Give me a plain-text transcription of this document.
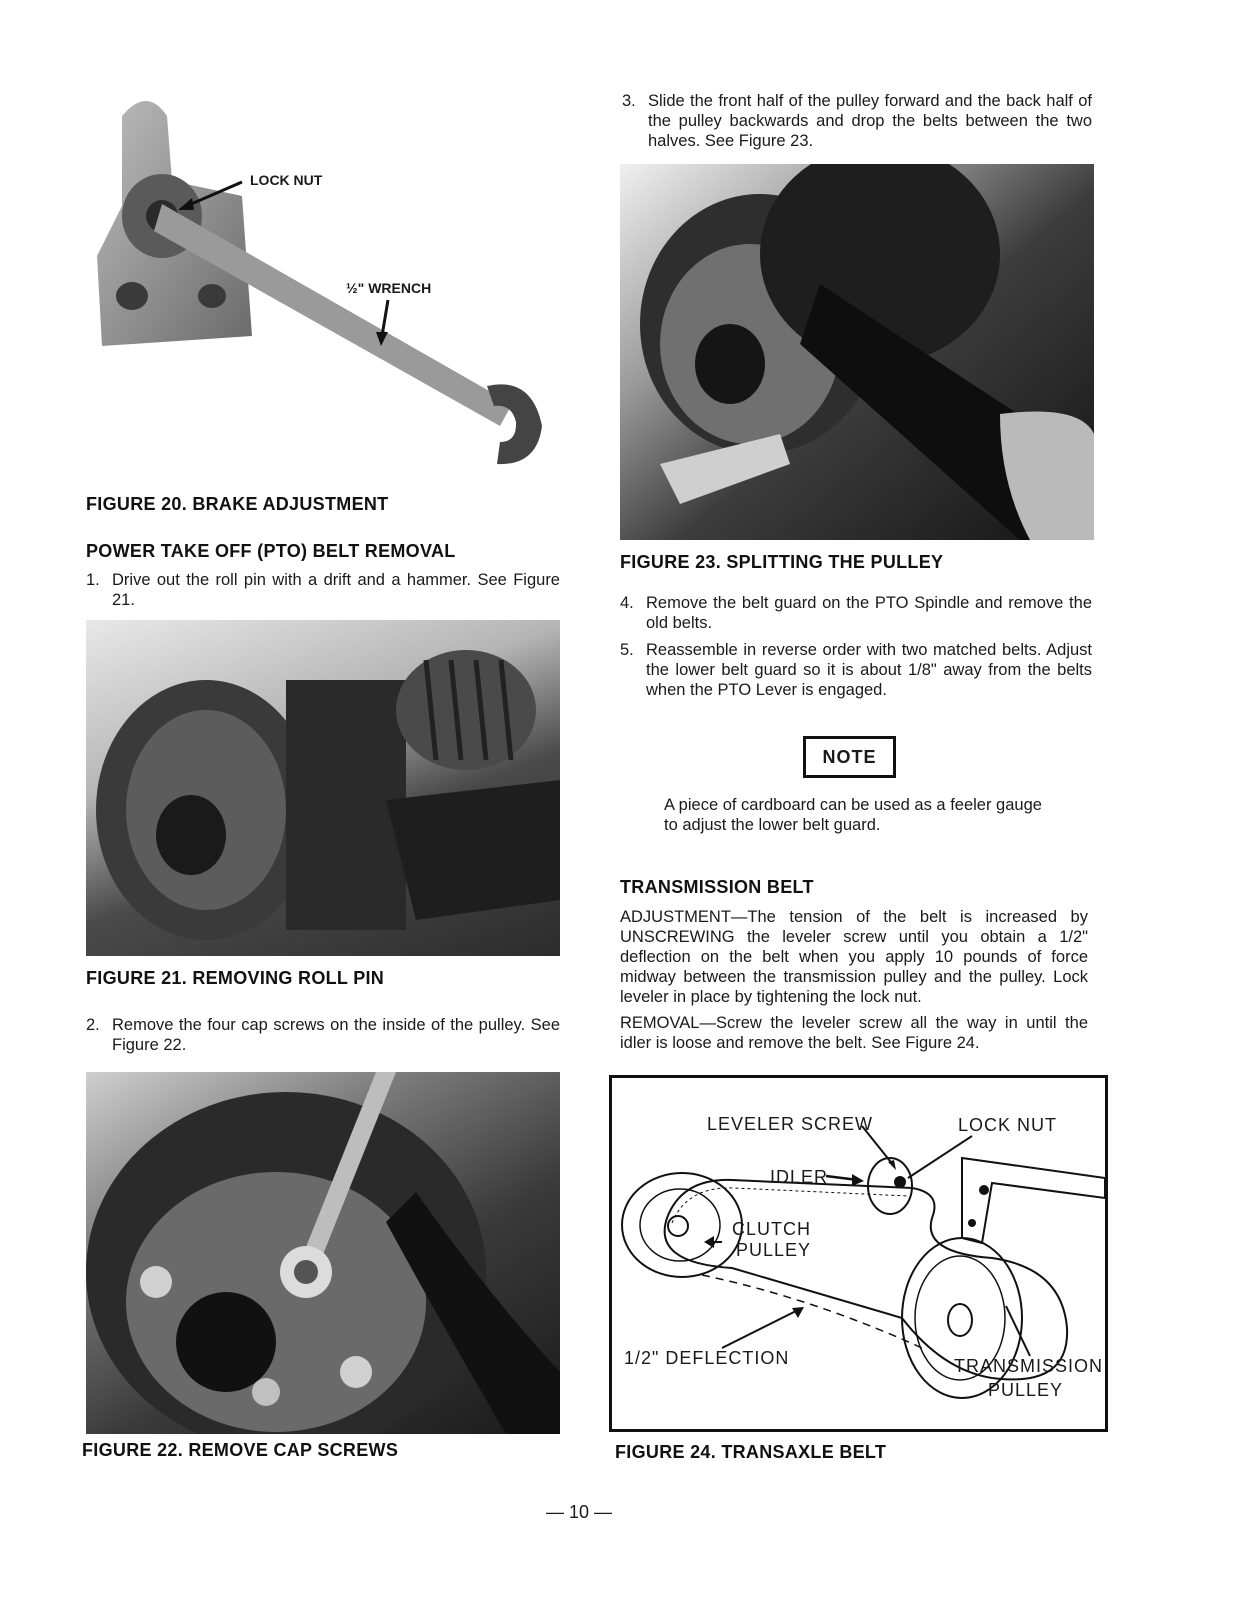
LOCK NUT
½" WRENCH
FIGURE 20. BRAKE ADJUSTMENT
POWER TAKE OFF (PTO) BELT REMOVAL
1. Drive out the roll pin with a drift and a hammer. See Figure 21.
FIGURE 21. REMOVING ROLL PIN
2. Remove the four cap screws on the inside of the pulley. See Figure 22.
FIGURE 22. REMOVE CAP SCREWS
3. Slide the front half of the pulley forward and the back half of the pulley backwards and drop the belts between the two halves. See Figure 23.
FIGURE 23. SPLITTING THE PULLEY
4. Remove the belt guard on the PTO Spindle and remove the old belts.
5. Reassemble in reverse order with two matched belts. Adjust the lower belt guard so it is about 1/8" away from the belts when the PTO Lever is engaged.
NOTE
A piece of cardboard can be used as a feeler gauge to adjust the lower belt guard.
TRANSMISSION BELT
ADJUSTMENT—The tension of the belt is increased by UNSCREWING the leveler screw until you obtain a 1/2" deflection on the belt when you apply 10 pounds of force midway between the transmission pulley and the pulley. Lock leveler in place by tightening the lock nut.
REMOVAL—Screw the leveler screw all the way in until the idler is loose and remove the belt. See Figure 24.
LEVELER SCREW	LOCK NUT
IDLER
CLUTCH
PULLEY
1/2" DEFLECTION	TRANSMISSION
PULLEY
FIGURE 24. TRANSAXLE BELT
— 10 —
